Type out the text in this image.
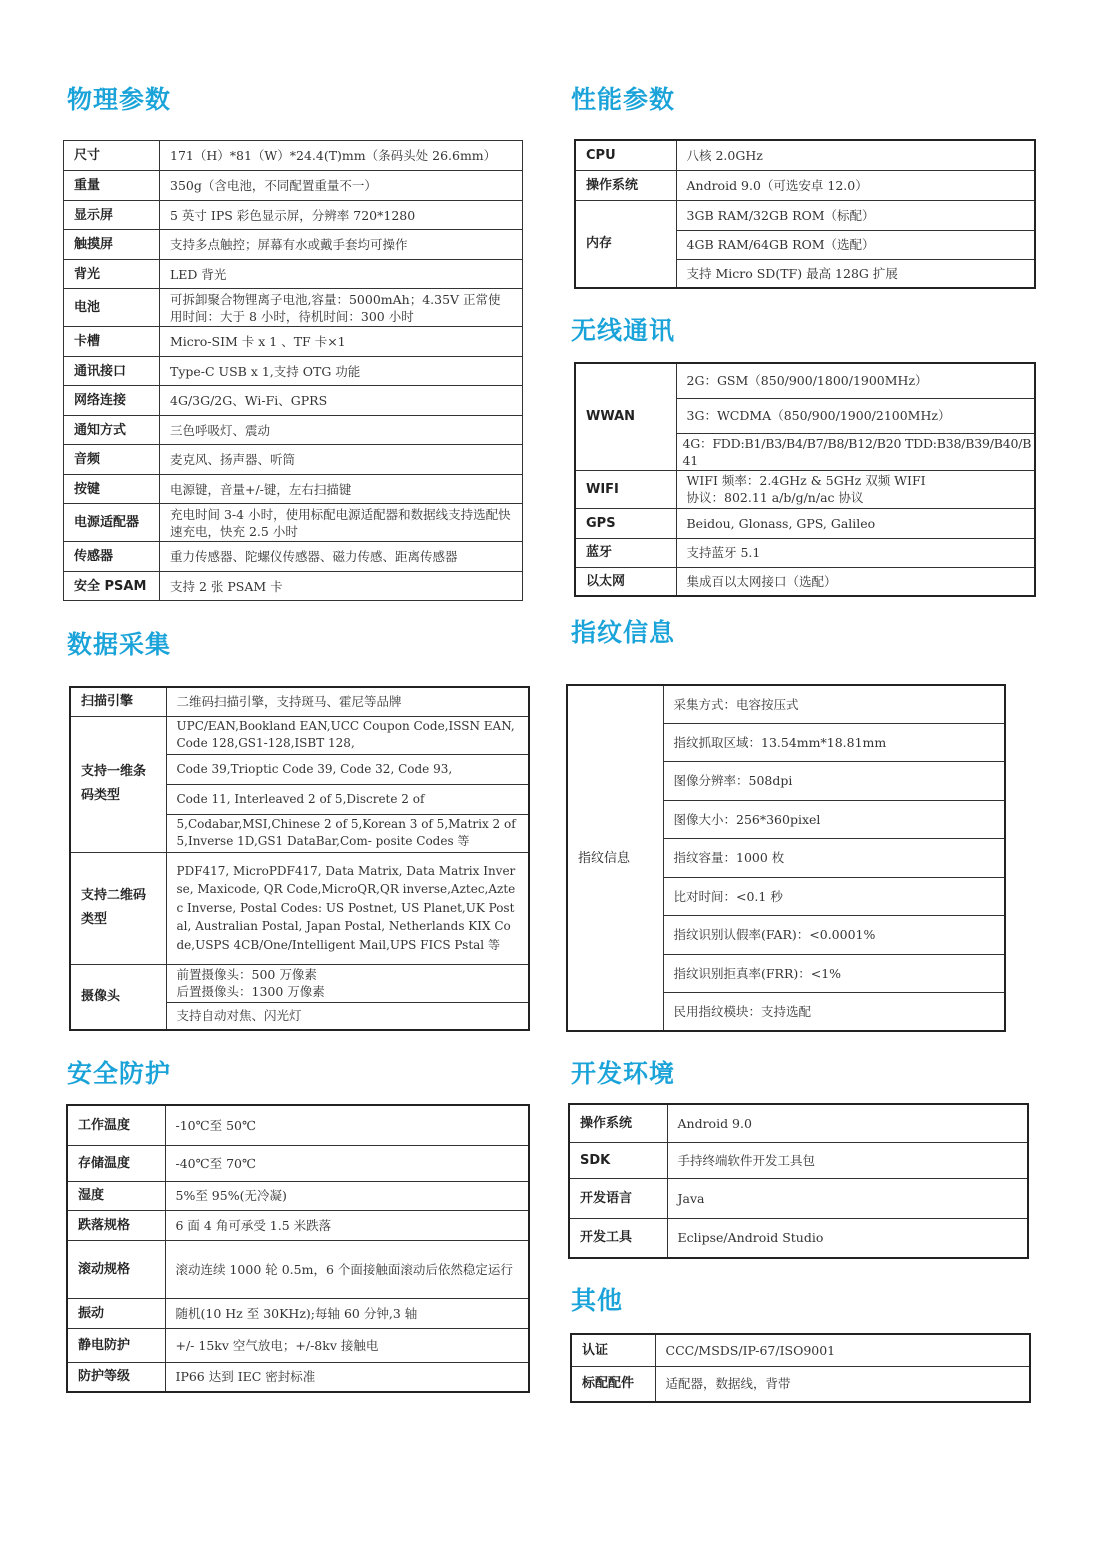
物理参数
尺寸	171（H）*81（W）*24.4(T)mm（条码头处 26.6mm）
重量	350g（含电池，不同配置重量不一）
显示屏	5 英寸 IPS 彩色显示屏，分辨率 720*1280
触摸屏	支持多点触控；屏幕有水或戴手套均可操作
背光	LED 背光
电池	可拆卸聚合物锂离子电池,容量：5000mAh；4.35V 正常使用时间：大于 8 小时，待机时间：300 小时
卡槽	Micro-SIM 卡 x 1 、TF 卡×1
通讯接口	Type-C USB x 1,支持 OTG 功能
网络连接	4G/3G/2G、Wi-Fi、GPRS
通知方式	三色呼吸灯、震动
音频	麦克风、扬声器、听筒
按键	电源键，音量+/-键，左右扫描键
电源适配器	充电时间 3-4 小时，使用标配电源适配器和数据线支持选配快速充电，快充 2.5 小时
传感器	重力传感器、陀螺仪传感器、磁力传感、距离传感器
安全 PSAM	支持 2 张 PSAM 卡
性能参数
CPU	八核 2.0GHz
操作系统	Android 9.0（可选安卓 12.0）
内存	3GB RAM/32GB ROM（标配）
	4GB RAM/64GB ROM（选配）
	支持 Micro SD(TF) 最高 128G 扩展
无线通讯
WWAN	2G：GSM（850/900/1800/1900MHz）
	3G：WCDMA（850/900/1900/2100MHz）
	4G：FDD:B1/B3/B4/B7/B8/B12/B20 TDD:B38/B39/B40/B41
WIFI	WIFI 频率：2.4GHz & 5GHz 双频 WIFI
协议：802.11 a/b/g/n/ac 协议

GPS	Beidou, Glonass, GPS, Galileo
蓝牙	支持蓝牙 5.1
以太网	集成百以太网接口（选配）
数据采集
扫描引擎	二维码扫描引擎，支持斑马、霍尼等品牌
支持一维条码类型	UPC/EAN,Bookland EAN,UCC Coupon Code,ISSN EAN, Code 128,GS1-128,ISBT 128,
	Code 39,Trioptic Code 39, Code 32, Code 93,
	Code 11, Interleaved 2 of 5,Discrete 2 of
	5,Codabar,MSI,Chinese 2 of 5,Korean 3 of 5,Matrix 2 of 5,Inverse 1D,GS1 DataBar,Com- posite Codes 等
支持二维码类型	PDF417, MicroPDF417, Data Matrix, Data Matrix Inverse, Maxicode, QR Code,MicroQR,QR inverse,Aztec,Aztec Inverse, Postal Codes: US Postnet, US Planet,UK Postal, Australian Postal, Japan Postal, Netherlands KIX Code,USPS 4CB/One/Intelligent Mail,UPS FICS Pstal 等
摄像头	前置摄像头：500 万像素
后置摄像头：1300 万像素

	支持自动对焦、闪光灯
指纹信息
指纹信息	采集方式：电容按压式
指纹抓取区域：13.54mm*18.81mm
图像分辨率：508dpi
图像大小：256*360pixel
指纹容量：1000 枚
比对时间：<0.1 秒
指纹识别认假率(FAR)：<0.0001%
指纹识别拒真率(FRR)：<1%
民用指纹模块：支持选配
安全防护
工作温度	-10℃至 50℃
存储温度	-40℃至 70℃
湿度	5%至 95%(无冷凝)
跌落规格	6 面 4 角可承受 1.5 米跌落
滚动规格	滚动连续 1000 轮 0.5m，6 个面接触面滚动后依然稳定运行
振动	随机(10 Hz 至 30KHz);每轴 60 分钟,3 轴
静电防护	+/- 15kv 空气放电；+/-8kv 接触电
防护等级	IP66 达到 IEC 密封标准
开发环境
操作系统	Android 9.0
SDK	手持终端软件开发工具包
开发语言	Java
开发工具	Eclipse/Android Studio
其他
认证	CCC/MSDS/IP-67/ISO9001
标配配件	适配器，数据线，背带
